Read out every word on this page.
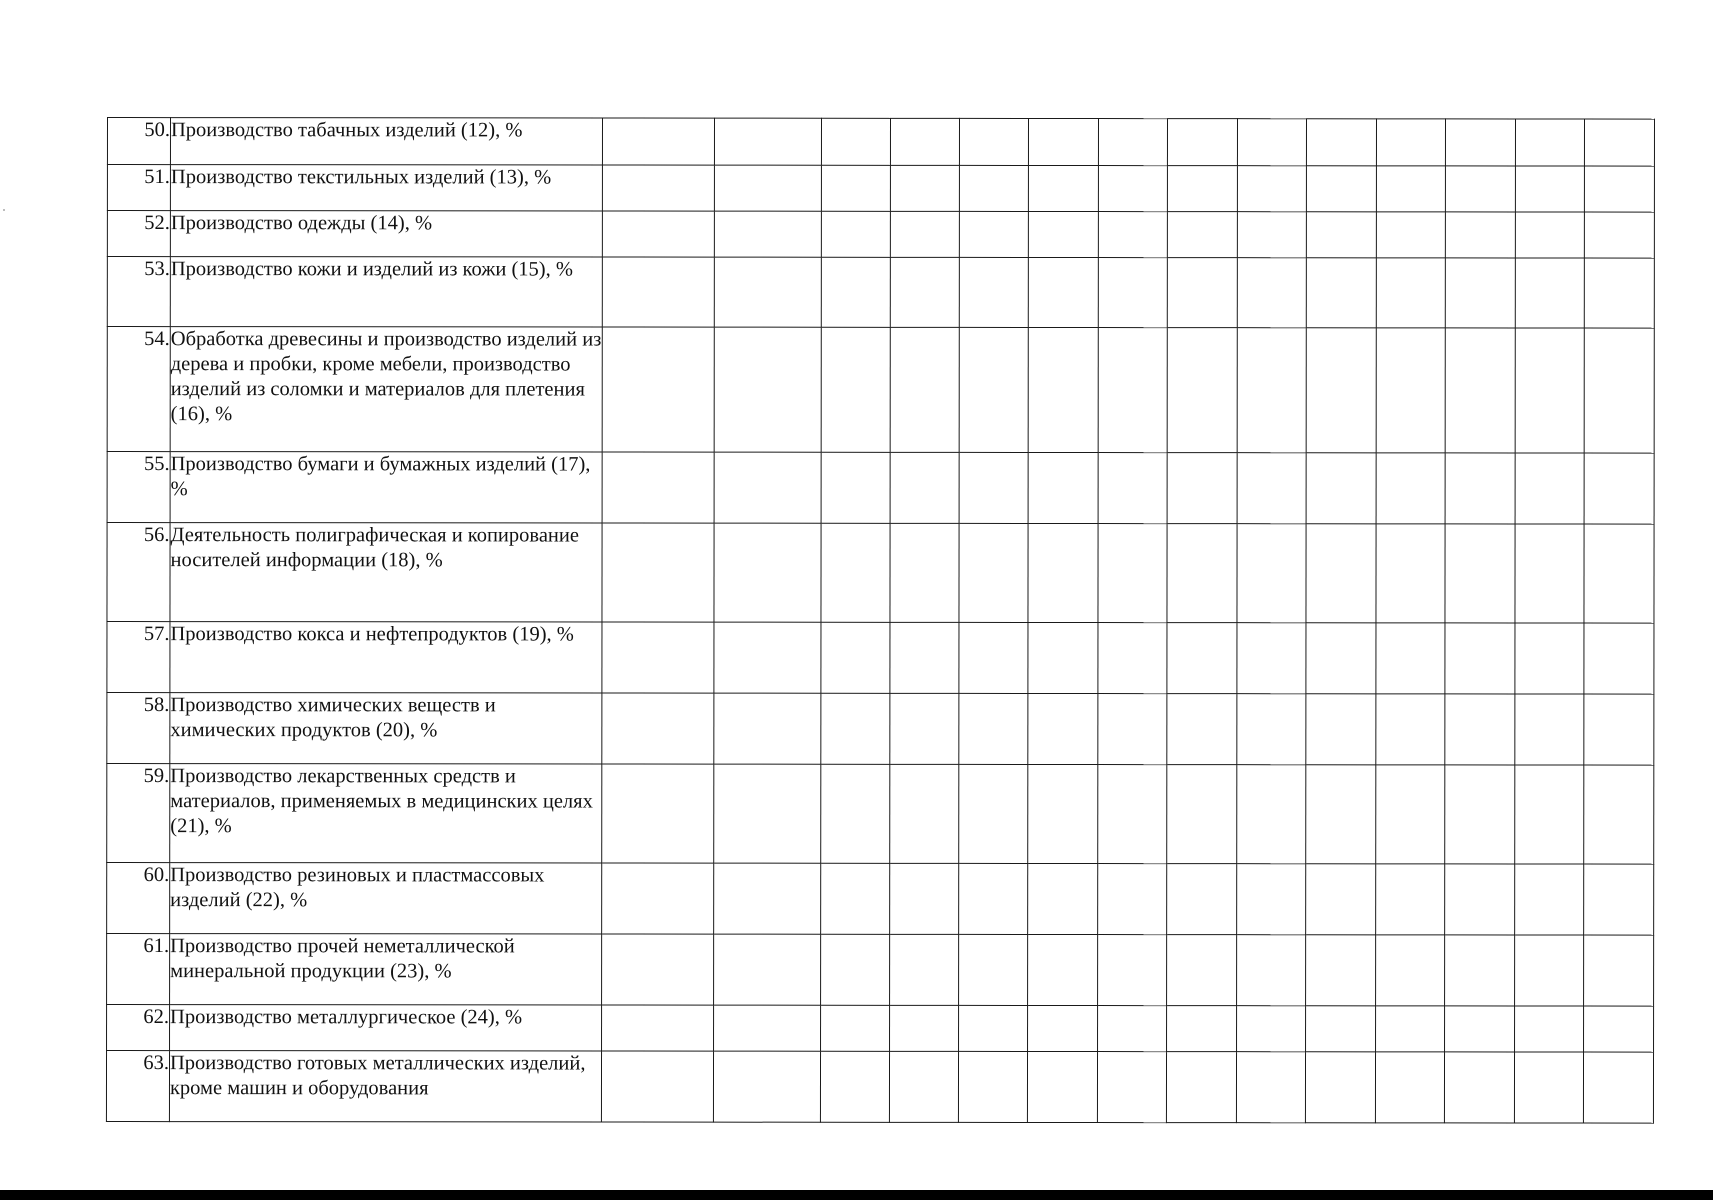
50.	Производство табачных изделий (12), %														
51.	Производство текстильных изделий (13), %														
52.	Производство одежды (14), %														
53.	Производство кожи и изделий из кожи (15), %														
54.	Обработка древесины и производство изделий из дерева и пробки, кроме мебели, производство изделий из соломки и материалов для плетения (16), %														
55.	Производство бумаги и бумажных изделий (17), %														
56.	Деятельность полиграфическая и копирование носителей информации (18), %														
57.	Производство кокса и нефтепродуктов (19), %														
58.	Производство химических веществ и химических продуктов (20), %														
59.	Производство лекарственных средств и материалов, применяемых в медицинских целях (21), %														
60.	Производство резиновых и пластмассовых изделий (22), %														
61.	Производство прочей неметаллической минеральной продукции (23), %														
62.	Производство металлургическое (24), %														
63.	Производство готовых металлических изделий, кроме машин и оборудования														
